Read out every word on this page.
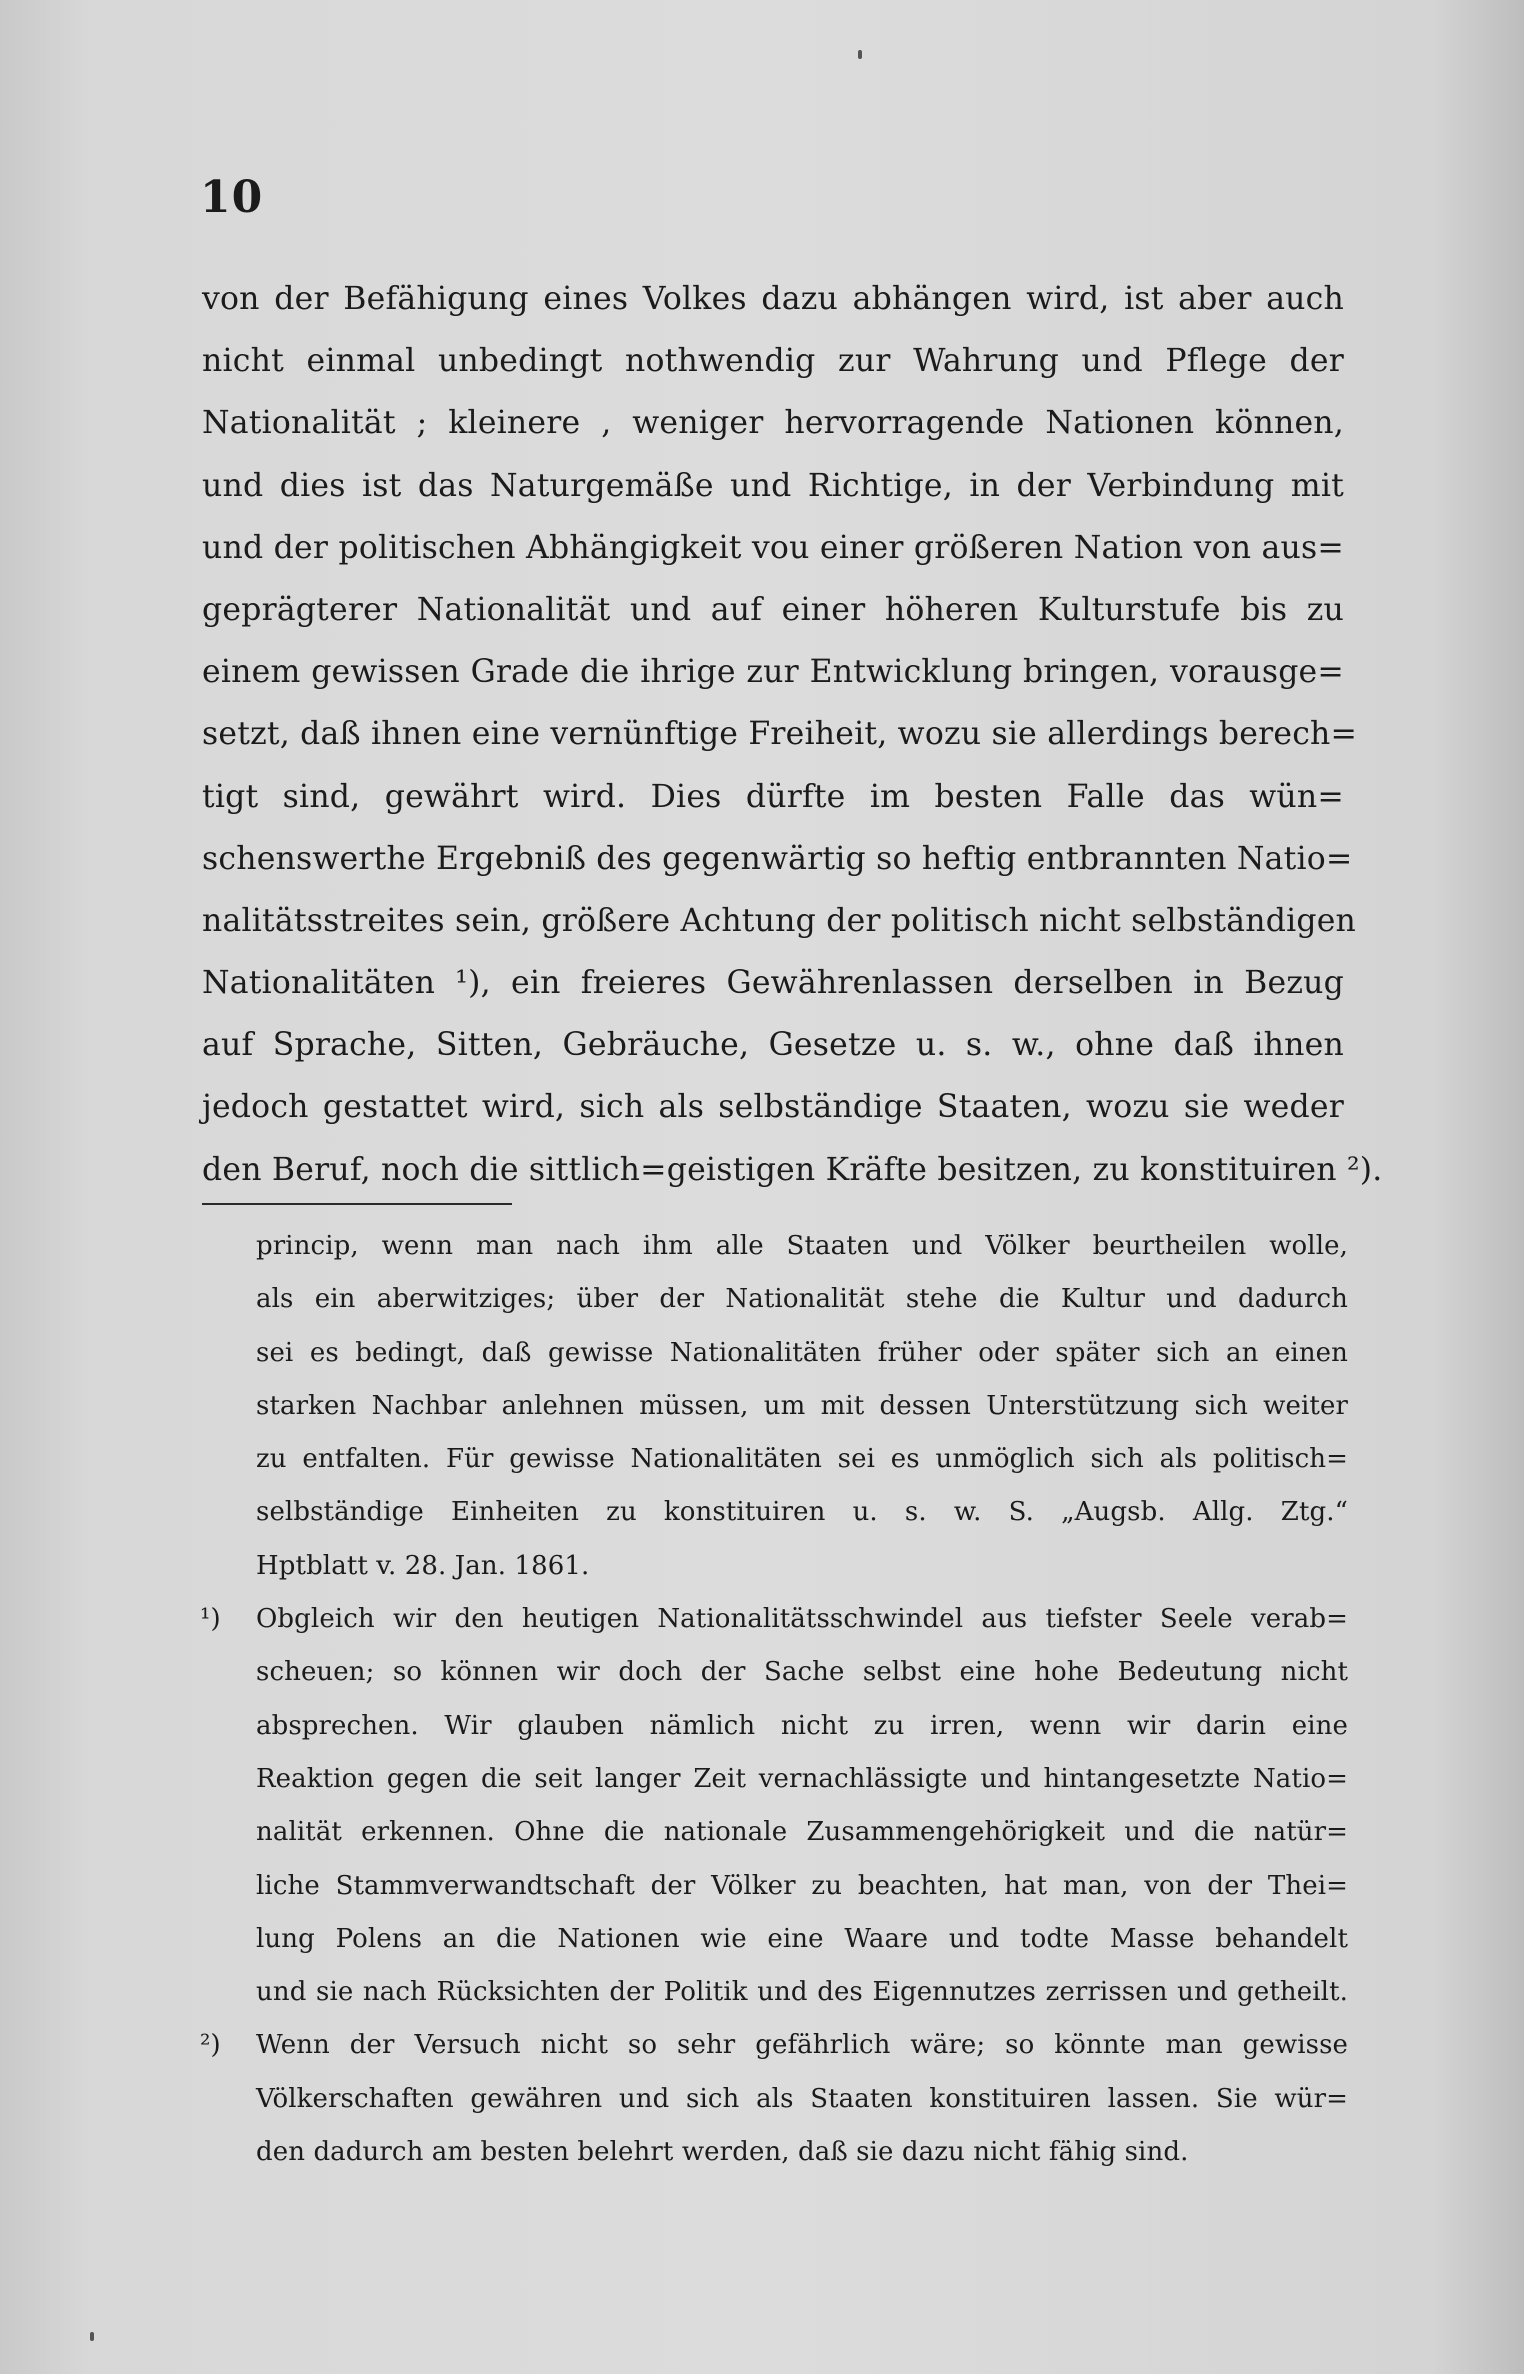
10
von der Befähigung eines Volkes dazu abhängen wird, ist aber auch
nicht einmal unbedingt nothwendig zur Wahrung und Pflege der
Nationalität ; kleinere , weniger hervorragende Nationen können,
und dies ist das Naturgemäße und Richtige, in der Verbindung mit
und der politischen Abhängigkeit vou einer größeren Nation von aus=
geprägterer Nationalität und auf einer höheren Kulturstufe bis zu
einem gewissen Grade die ihrige zur Entwicklung bringen, vorausge=
setzt, daß ihnen eine vernünftige Freiheit, wozu sie allerdings berech=
tigt sind, gewährt wird. Dies dürfte im besten Falle das wün=
schenswerthe Ergebniß des gegenwärtig so heftig entbrannten Natio=
nalitätsstreites sein, größere Achtung der politisch nicht selbständigen
Nationalitäten ¹), ein freieres Gewährenlassen derselben in Bezug
auf Sprache, Sitten, Gebräuche, Gesetze u. s. w., ohne daß ihnen
jedoch gestattet wird, sich als selbständige Staaten, wozu sie weder
den Beruf, noch die sittlich=geistigen Kräfte besitzen, zu konstituiren ²).
princip, wenn man nach ihm alle Staaten und Völker beurtheilen wolle,
als ein aberwitziges; über der Nationalität stehe die Kultur und dadurch
sei es bedingt, daß gewisse Nationalitäten früher oder später sich an einen
starken Nachbar anlehnen müssen, um mit dessen Unterstützung sich weiter
zu entfalten. Für gewisse Nationalitäten sei es unmöglich sich als politisch=
selbständige Einheiten zu konstituiren u. s. w. S. „Augsb. Allg. Ztg.“
Hptblatt v. 28. Jan. 1861.
¹)	Obgleich wir den heutigen Nationalitätsschwindel aus tiefster Seele verab=
scheuen; so können wir doch der Sache selbst eine hohe Bedeutung nicht
absprechen. Wir glauben nämlich nicht zu irren, wenn wir darin eine
Reaktion gegen die seit langer Zeit vernachlässigte und hintangesetzte Natio=
nalität erkennen. Ohne die nationale Zusammengehörigkeit und die natür=
liche Stammverwandtschaft der Völker zu beachten, hat man, von der Thei=
lung Polens an die Nationen wie eine Waare und todte Masse behandelt
und sie nach Rücksichten der Politik und des Eigennutzes zerrissen und getheilt.
²)	Wenn der Versuch nicht so sehr gefährlich wäre; so könnte man gewisse
Völkerschaften gewähren und sich als Staaten konstituiren lassen. Sie wür=
den dadurch am besten belehrt werden, daß sie dazu nicht fähig sind.
